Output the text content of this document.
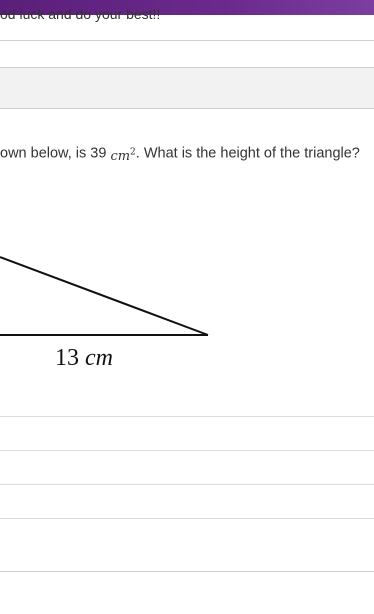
od luck and do your best!!
own below, is 39 $cm^2$. What is the height of the triangle?
13 cm
